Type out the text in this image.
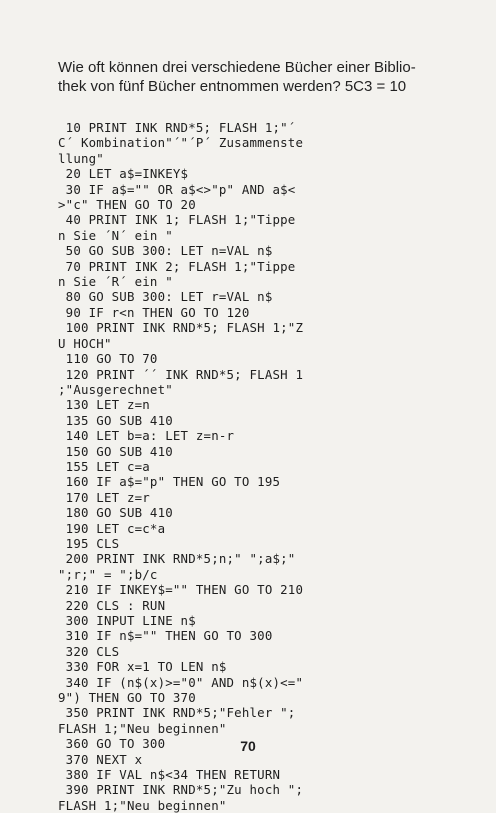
Wie oft können drei verschiedene Bücher einer Biblio-
thek von fünf Bücher entnommen werden? 5C3 = 10
10 PRINT INK RND*5; FLASH 1;"´
C´ Kombination"´"´P´ Zusammenste
llung"
20 LET a$=INKEY$
30 IF a$="" OR a$<>"p" AND a$<
>"c" THEN GO TO 20
40 PRINT INK 1; FLASH 1;"Tippe
n Sie ´N´ ein "
50 GO SUB 300: LET n=VAL n$
70 PRINT INK 2; FLASH 1;"Tippe
n Sie ´R´ ein "
80 GO SUB 300: LET r=VAL n$
90 IF r<n THEN GO TO 120
100 PRINT INK RND*5; FLASH 1;"Z
U HOCH"
110 GO TO 70
120 PRINT ´´ INK RND*5; FLASH 1
;"Ausgerechnet"
130 LET z=n
135 GO SUB 410
140 LET b=a: LET z=n-r
150 GO SUB 410
155 LET c=a
160 IF a$="p" THEN GO TO 195
170 LET z=r
180 GO SUB 410
190 LET c=c*a
195 CLS
200 PRINT INK RND*5;n;" ";a$;"
";r;" = ";b/c
210 IF INKEY$="" THEN GO TO 210
220 CLS : RUN
300 INPUT LINE n$
310 IF n$="" THEN GO TO 300
320 CLS
330 FOR x=1 TO LEN n$
340 IF (n$(x)>="0" AND n$(x)<="
9") THEN GO TO 370
350 PRINT INK RND*5;"Fehler ";
FLASH 1;"Neu beginnen"
360 GO TO 300
370 NEXT x
380 IF VAL n$<34 THEN RETURN
390 PRINT INK RND*5;"Zu hoch ";
FLASH 1;"Neu beginnen"
70
